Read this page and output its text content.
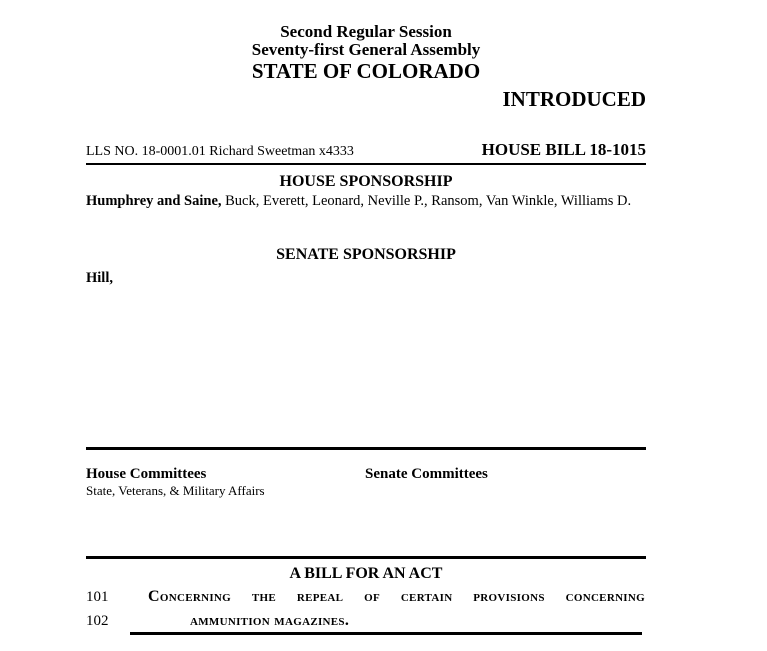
Second Regular Session
Seventy-first General Assembly
STATE OF COLORADO
INTRODUCED
LLS NO. 18-0001.01 Richard Sweetman x4333	HOUSE BILL 18-1015
HOUSE SPONSORSHIP
Humphrey and Saine, Buck, Everett, Leonard, Neville P., Ransom, Van Winkle, Williams D.
SENATE SPONSORSHIP
Hill,
House Committees
State, Veterans, & Military Affairs
Senate Committees
A BILL FOR AN ACT
101	Concerning the repeal of certain provisions concerning
102	ammunition magazines.
